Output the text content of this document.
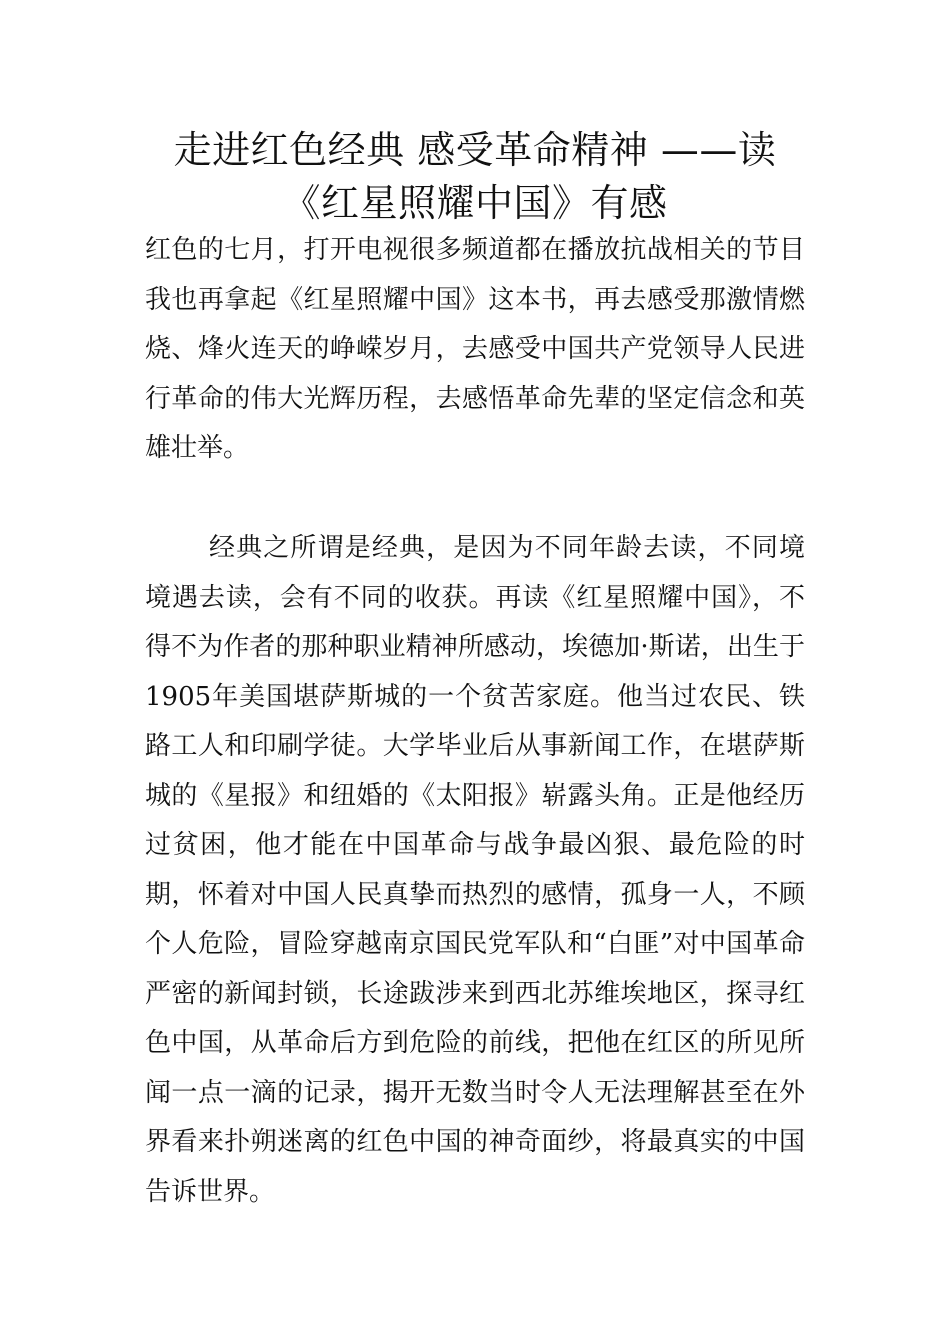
走进红色经典 感受革命精神 ——读
《红星照耀中国》有感

红色的七月，打开电视很多频道都在播放抗战相关的节目我也再拿起《红星照耀中国》这本书，再去感受那激情燃烧、烽火连天的峥嵘岁月，去感受中国共产党领导人民进行革命的伟大光辉历程，去感悟革命先辈的坚定信念和英雄壮举。

经典之所谓是经典，是因为不同年龄去读，不同境境遇去读，会有不同的收获。再读《红星照耀中国》，不得不为作者的那种职业精神所感动，埃德加·斯诺，出生于1905年美国堪萨斯城的一个贫苦家庭。他当过农民、铁路工人和印刷学徒。大学毕业后从事新闻工作，在堪萨斯城的《星报》和纽婚的《太阳报》崭露头角。正是他经历过贫困，他才能在中国革命与战争最凶狠、最危险的时期，怀着对中国人民真挚而热烈的感情，孤身一人，不顾个人危险，冒险穿越南京国民党军队和“白匪”对中国革命严密的新闻封锁，长途跋涉来到西北苏维埃地区，探寻红色中国，从革命后方到危险的前线，把他在红区的所见所闻一点一滴的记录，揭开无数当时令人无法理解甚至在外界看来扑朔迷离的红色中国的神奇面纱，将最真实的中国告诉世界。
